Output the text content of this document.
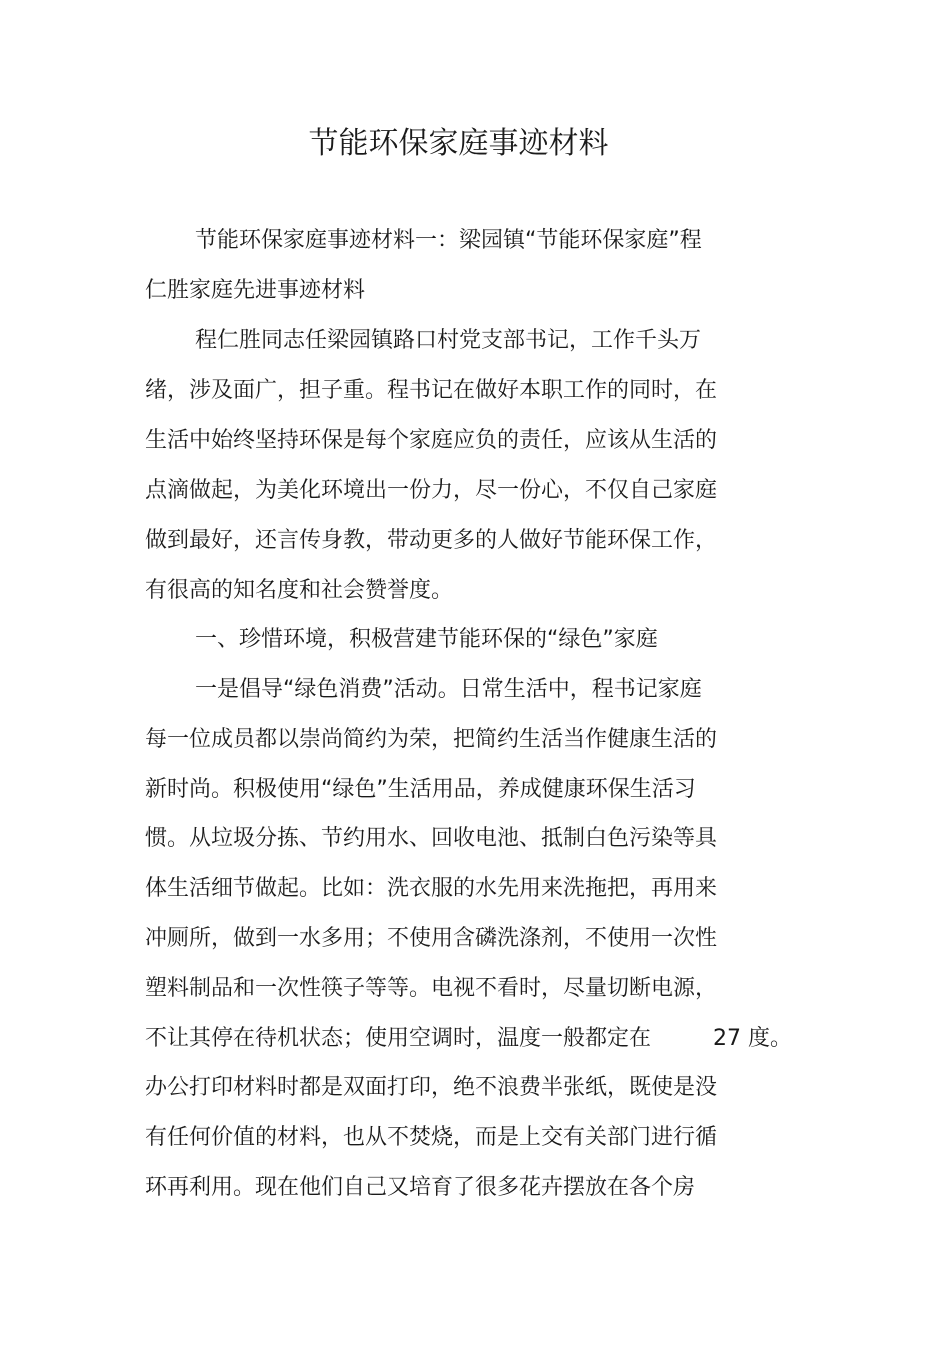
节能环保家庭事迹材料
节能环保家庭事迹材料一：梁园镇“节能环保家庭”程
仁胜家庭先进事迹材料
程仁胜同志任梁园镇路口村党支部书记，工作千头万
绪，涉及面广，担子重。程书记在做好本职工作的同时，在
生活中始终坚持环保是每个家庭应负的责任，应该从生活的
点滴做起，为美化环境出一份力，尽一份心，不仅自己家庭
做到最好，还言传身教，带动更多的人做好节能环保工作，
有很高的知名度和社会赞誉度。
一、珍惜环境，积极营建节能环保的“绿色”家庭
一是倡导“绿色消费”活动。日常生活中，程书记家庭
每一位成员都以崇尚简约为荣，把简约生活当作健康生活的
新时尚。积极使用“绿色”生活用品，养成健康环保生活习
惯。从垃圾分拣、节约用水、回收电池、抵制白色污染等具
体生活细节做起。比如：洗衣服的水先用来洗拖把，再用来
冲厕所，做到一水多用；不使用含磷洗涤剂，不使用一次性
塑料制品和一次性筷子等等。电视不看时，尽量切断电源，
不让其停在待机状态；使用空调时，温度一般都定在	27 度。
办公打印材料时都是双面打印，绝不浪费半张纸，既使是没
有任何价值的材料，也从不焚烧，而是上交有关部门进行循
环再利用。现在他们自己又培育了很多花卉摆放在各个房
